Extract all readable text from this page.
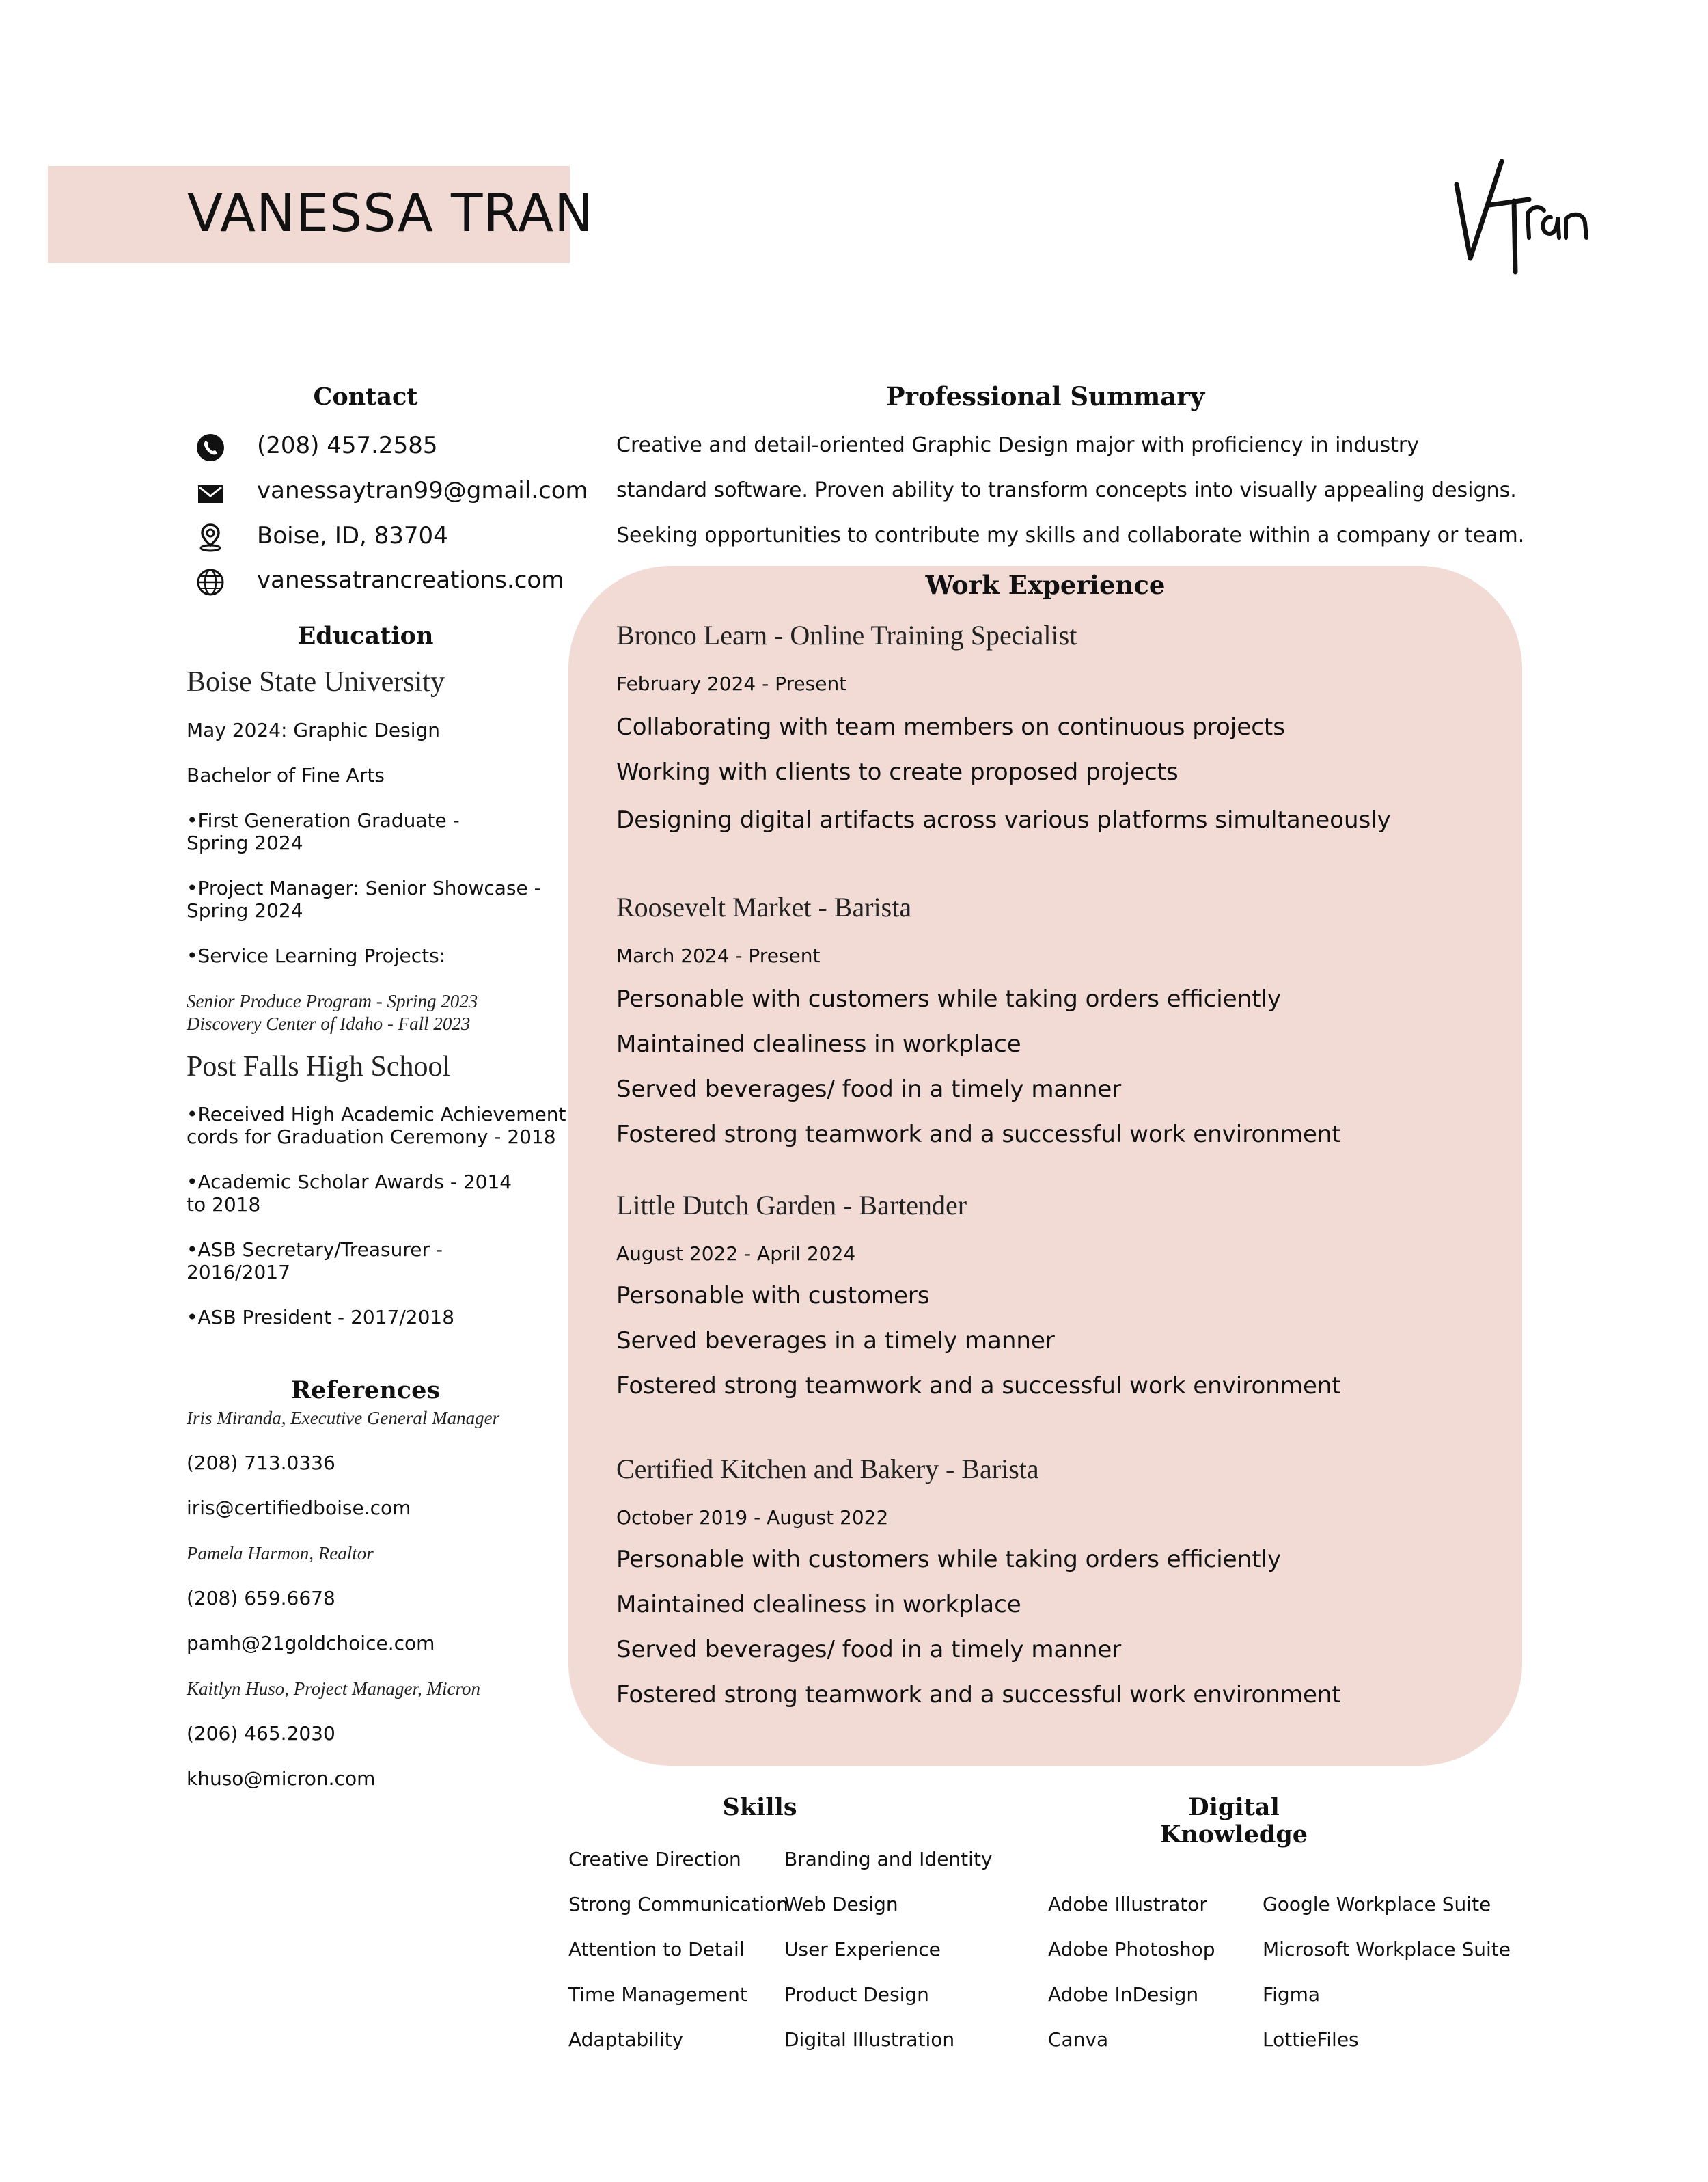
VANESSA TRAN
Contact
(208) 457.2585
vanessaytran99@gmail.com
Boise, ID, 83704
vanessatrancreations.com
Education
Boise State University
May 2024: Graphic Design
Bachelor of Fine Arts
•First Generation Graduate -
Spring 2024
•Project Manager: Senior Showcase -
Spring 2024
•Service Learning Projects:
Senior Produce Program - Spring 2023
Discovery Center of Idaho - Fall 2023
Post Falls High School
•Received High Academic Achievement
cords for Graduation Ceremony - 2018
•Academic Scholar Awards - 2014
to 2018
•ASB Secretary/Treasurer -
2016/2017
•ASB President - 2017/2018
References
Iris Miranda, Executive General Manager
(208) 713.0336
iris@certifiedboise.com
Pamela Harmon, Realtor
(208) 659.6678
pamh@21goldchoice.com
Kaitlyn Huso, Project Manager, Micron
(206) 465.2030
khuso@micron.com
Professional Summary
Creative and detail-oriented Graphic Design major with proficiency in industry
standard software. Proven ability to transform concepts into visually appealing designs.
Seeking opportunities to contribute my skills and collaborate within a company or team.
Work Experience
Bronco Learn - Online Training Specialist
February 2024 - Present
Collaborating with team members on continuous projects
Working with clients to create proposed projects
Designing digital artifacts across various platforms simultaneously
Roosevelt Market - Barista
March 2024 - Present
Personable with customers while taking orders efficiently
Maintained clealiness in workplace
Served beverages/ food in a timely manner
Fostered strong teamwork and a successful work environment
Little Dutch Garden - Bartender
August 2022 - April 2024
Personable with customers
Served beverages in a timely manner
Fostered strong teamwork and a successful work environment
Certified Kitchen and Bakery - Barista
October 2019 - August 2022
Personable with customers while taking orders efficiently
Maintained clealiness in workplace
Served beverages/ food in a timely manner
Fostered strong teamwork and a successful work environment
Skills
Creative Direction
Strong Communication
Attention to Detail
Time Management
Adaptability
Branding and Identity
Web Design
User Experience
Product Design
Digital Illustration
Digital
Knowledge
Adobe Illustrator
Adobe Photoshop
Adobe InDesign
Canva
Google Workplace Suite
Microsoft Workplace Suite
Figma
LottieFiles
